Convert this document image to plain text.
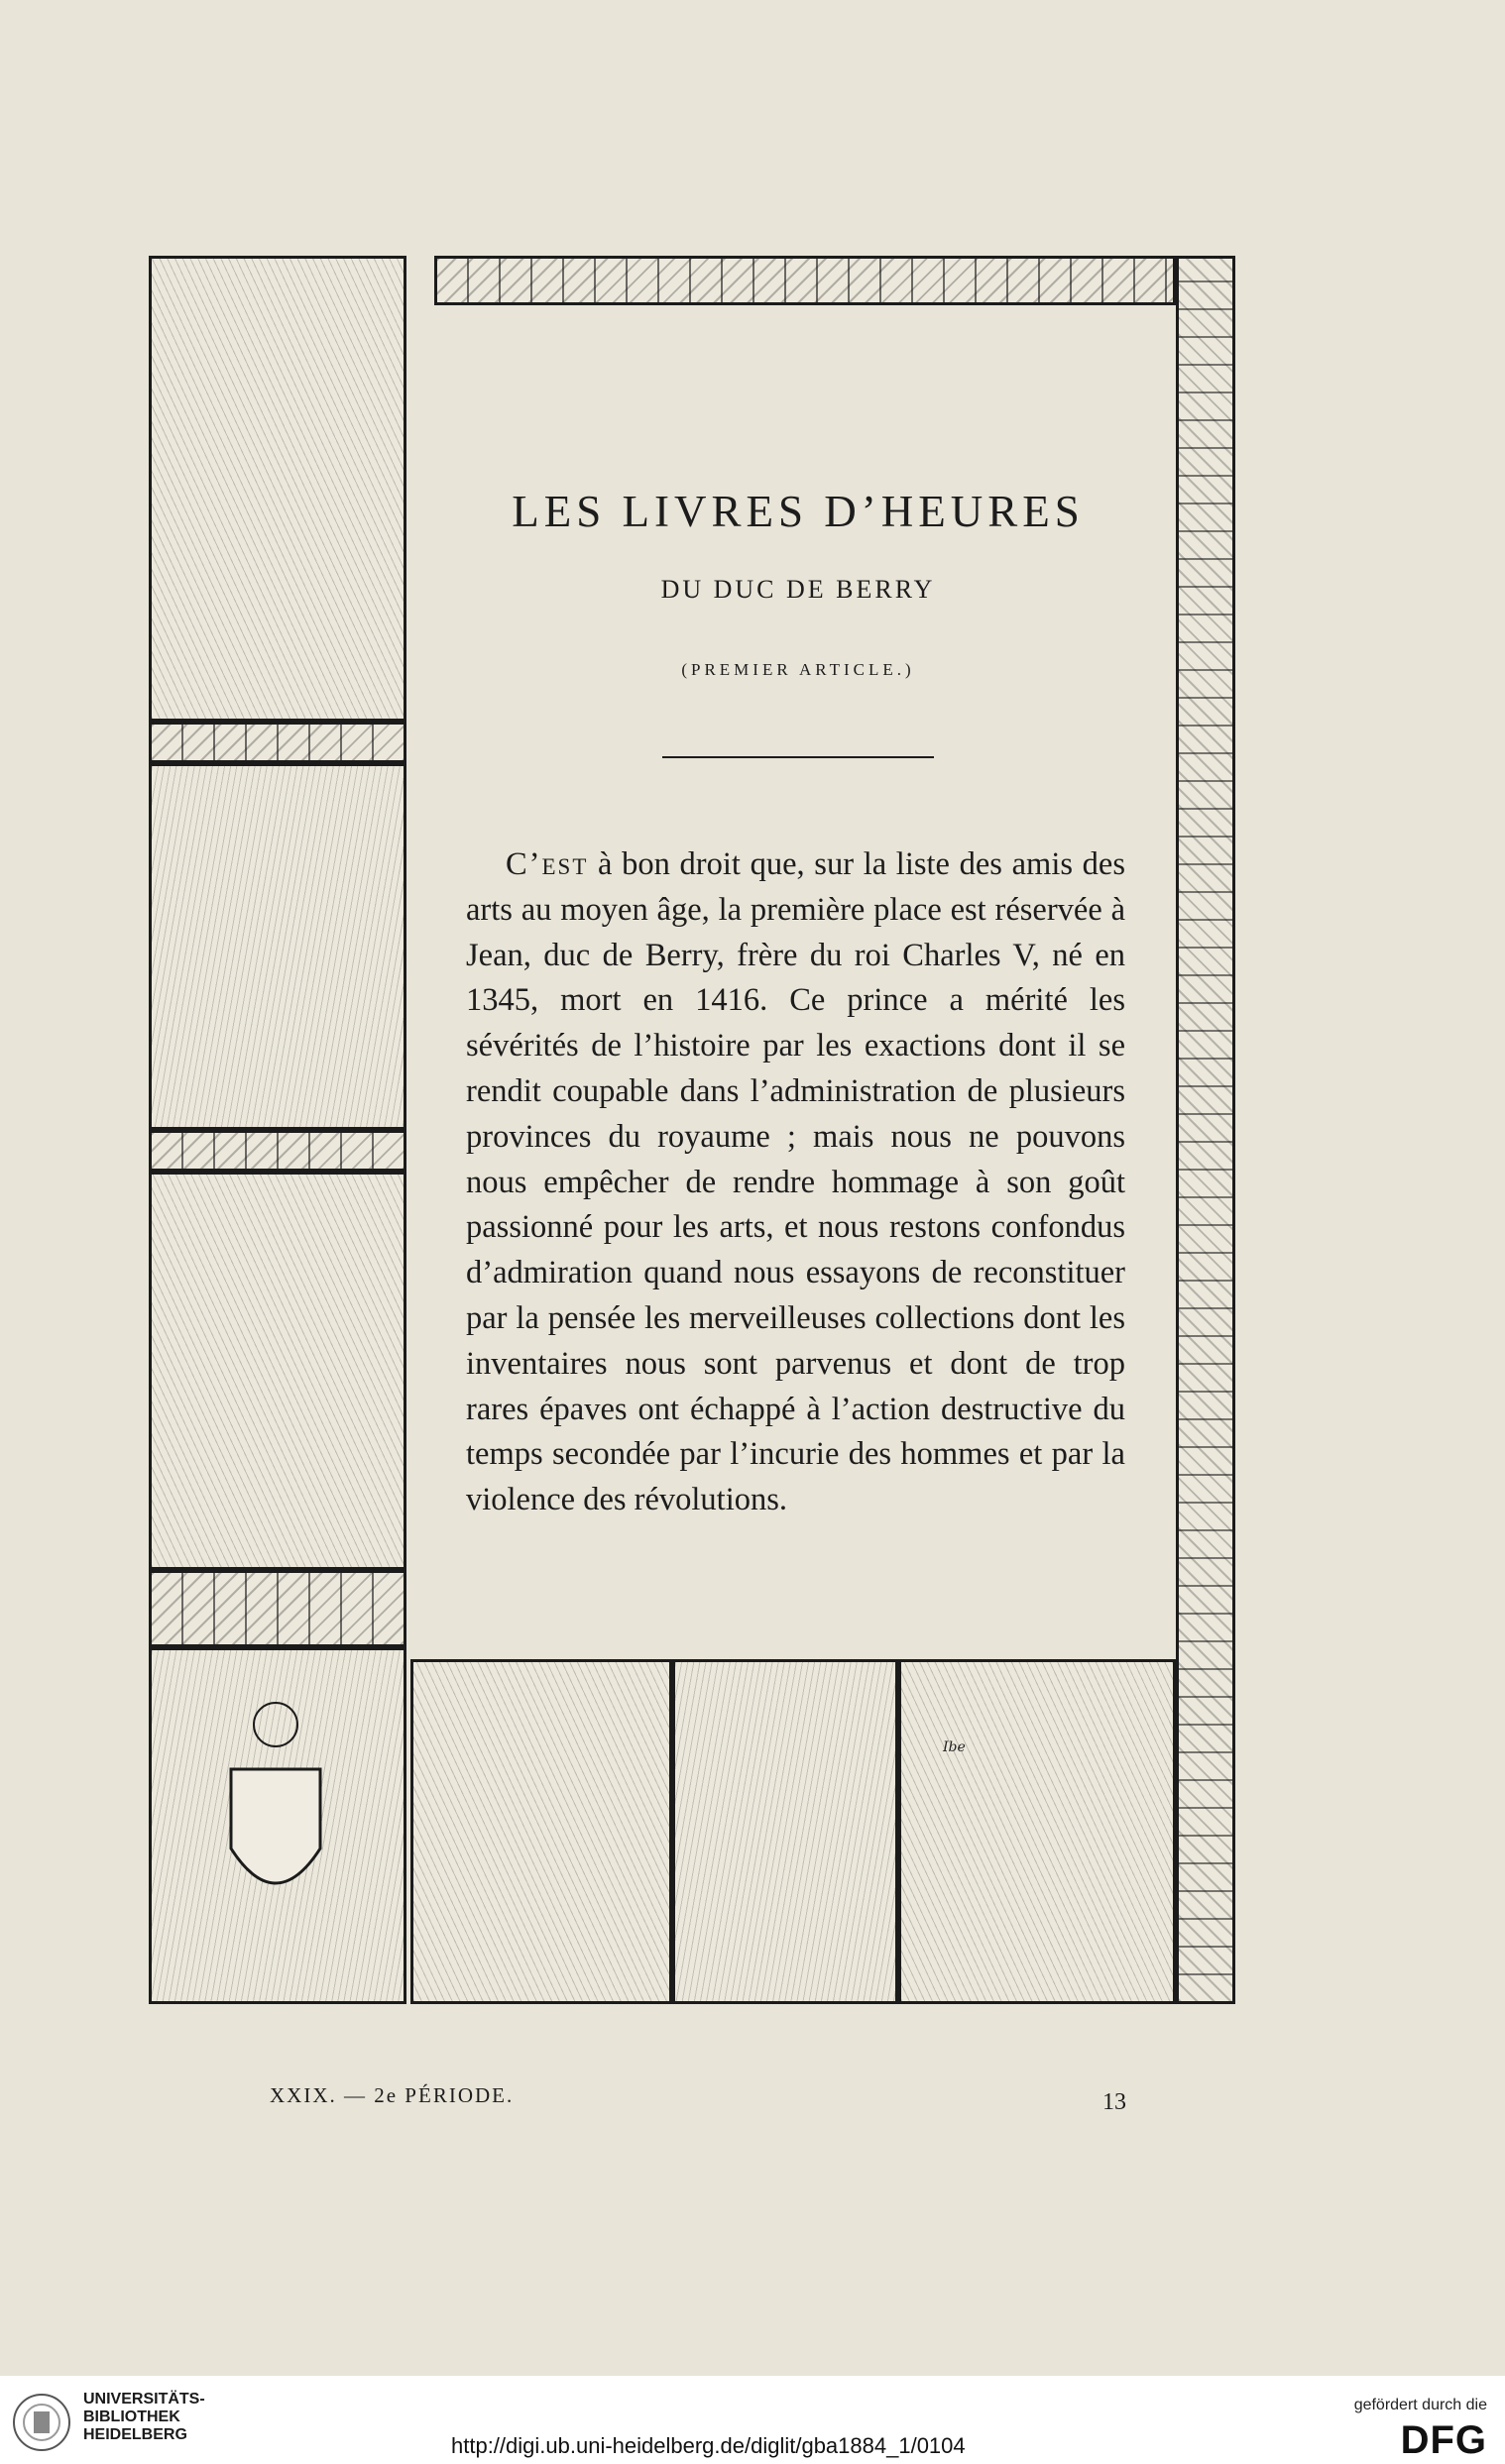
Ibe
LES LIVRES D’HEURES
DU DUC DE BERRY
(PREMIER ARTICLE.)
C’est à bon droit que, sur la liste des amis des arts au moyen âge, la première place est réservée à Jean, duc de Berry, frère du roi Charles V, né en 1345, mort en 1416. Ce prince a mérité les sévérités de l’histoire par les exactions dont il se rendit coupable dans l’administration de plusieurs provinces du royaume ; mais nous ne pouvons nous empêcher de rendre hommage à son goût passionné pour les arts, et nous restons confondus d’admiration quand nous essayons de reconstituer par la pensée les merveilleuses collections dont les inventaires nous sont parvenus et dont de trop rares épaves ont échappé à l’action destructive du temps secondée par l’incurie des hommes et par la violence des révolutions.
XXIX. — 2e PÉRIODE.	13
UNIVERSITÄTS-
BIBLIOTHEK
HEIDELBERG	http://digi.ub.uni-heidelberg.de/diglit/gba1884_1/0104
gefördert durch die
DFG
